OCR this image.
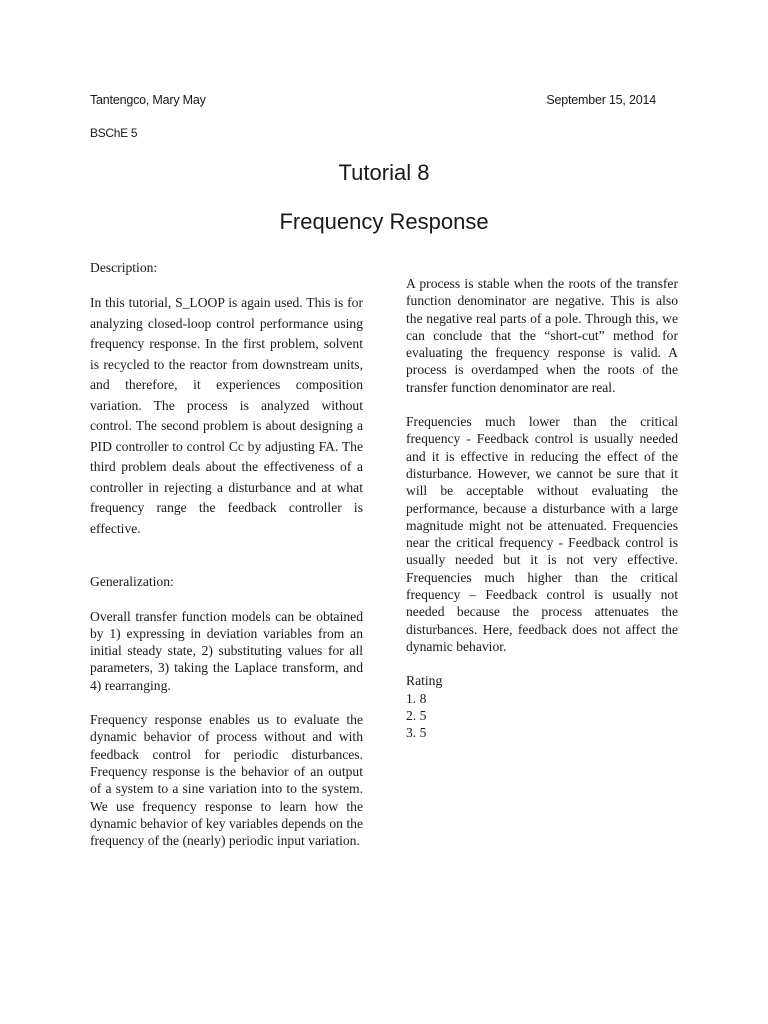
Tantengco, Mary May	September 15, 2014
BSChE 5
Tutorial 8
Frequency Response

Description:

In this tutorial, S_LOOP is again used. This is for analyzing closed-loop control performance using frequency response. In the first problem, solvent is recycled to the reactor from downstream units, and therefore, it experiences composition variation. The process is analyzed without control. The second problem is about designing a PID controller to control Cc by adjusting FA. The third problem deals about the effectiveness of a controller in rejecting a disturbance and at what frequency range the feedback controller is effective.

Generalization:

Overall transfer function models can be obtained by 1) expressing in deviation variables from an initial steady state, 2) substituting values for all parameters, 3) taking the Laplace transform, and 4) rearranging.

Frequency response enables us to evaluate the dynamic behavior of process without and with feedback control for periodic disturbances. Frequency response is the behavior of an output of a system to a sine variation into to the system. We use frequency response to learn how the dynamic behavior of key variables depends on the frequency of the (nearly) periodic input variation.

A process is stable when the roots of the transfer function denominator are negative. This is also the negative real parts of a pole. Through this, we can conclude that the “short-cut” method for evaluating the frequency response is valid. A process is overdamped when the roots of the transfer function denominator are real.

Frequencies much lower than the critical frequency - Feedback control is usually needed and it is effective in reducing the effect of the disturbance. However, we cannot be sure that it will be acceptable without evaluating the performance, because a disturbance with a large magnitude might not be attenuated. Frequencies near the critical frequency - Feedback control is usually needed but it is not very effective. Frequencies much higher than the critical frequency – Feedback control is usually not needed because the process attenuates the disturbances. Here, feedback does not affect the dynamic behavior.

Rating

1. 8
2. 5
3. 5
